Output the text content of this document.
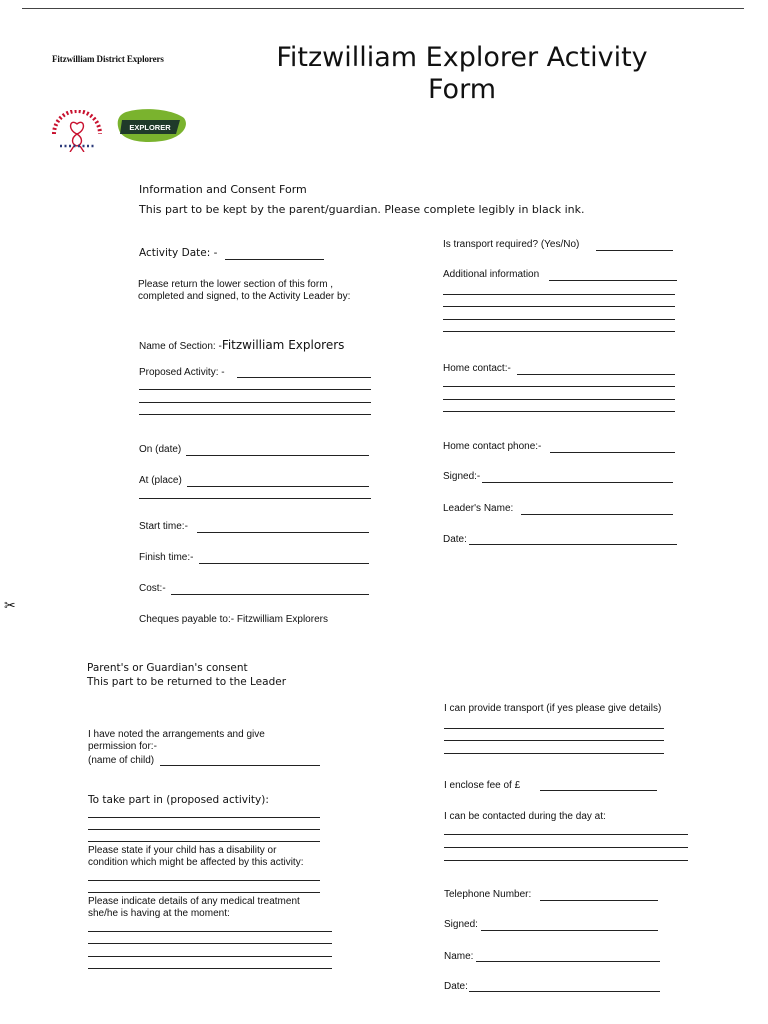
Fitzwilliam District Explorers	Fitzwilliam Explorer Activity Form
EXPLORER
Information and Consent Form
This part to be kept by the parent/guardian. Please complete legibly in black ink.
Activity Date: -
Please return the lower section of this form ,
completed and signed, to the Activity Leader by:
Name of Section: -Fitzwilliam Explorers
Proposed Activity: -
On (date)
At (place)
Start time:-
Finish time:-
Cost:-
Cheques payable to:- Fitzwilliam Explorers
Is transport required? (Yes/No)
Additional information
Home contact:-
Home contact phone:-
Signed:-
Leader's Name:
Date:
✂
Parent's or Guardian's consent
This part to be returned to the Leader
I have noted the arrangements and give
permission for:-
(name of child)
To take part in (proposed activity):
Please state if your child has a disability or
condition which might be affected by this activity:
Please indicate details of any medical treatment
she/he is having at the moment:
I can provide transport (if yes please give details)
I enclose fee of £
I can be contacted during the day at:
Telephone Number:
Signed:
Name:
Date:
